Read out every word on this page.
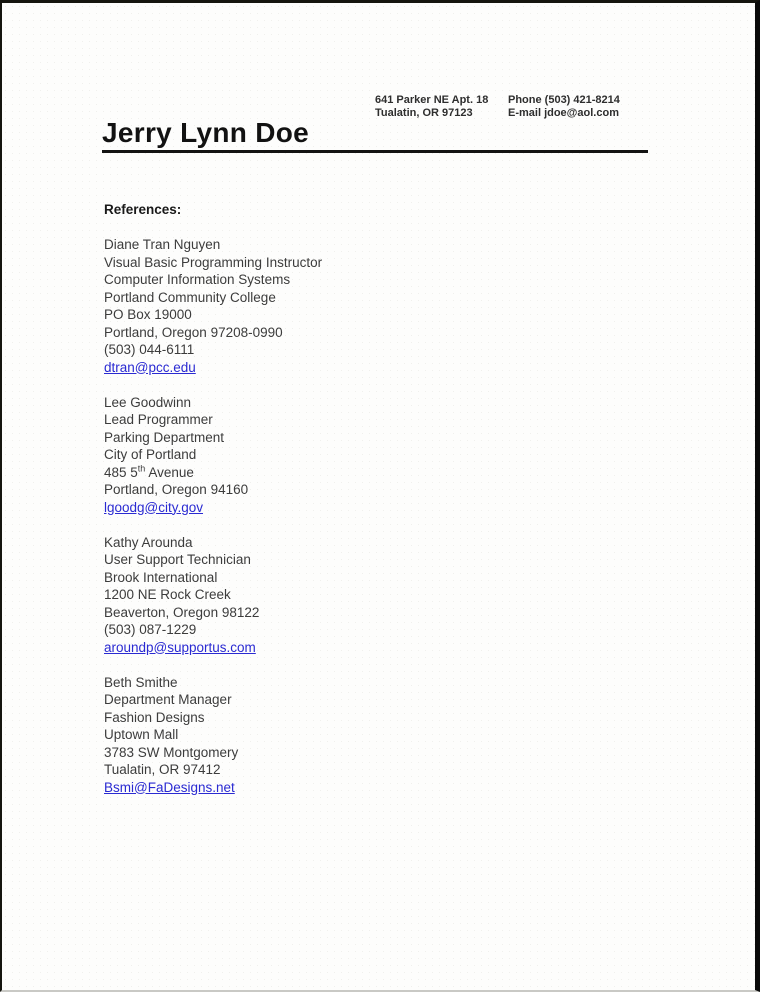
641 Parker NE Apt. 18
Tualatin, OR 97123
Phone (503) 421-8214
E-mail jdoe@aol.com
Jerry Lynn Doe
References:
Diane Tran Nguyen
Visual Basic Programming Instructor
Computer Information Systems
Portland Community College
PO Box 19000
Portland, Oregon 97208-0990
(503) 044-6111
dtran@pcc.edu
Lee Goodwinn
Lead Programmer
Parking Department
City of Portland
485 5th Avenue
Portland, Oregon 94160
lgoodg@city.gov
Kathy Arounda
User Support Technician
Brook International
1200 NE Rock Creek
Beaverton, Oregon 98122
(503) 087-1229
aroundp@supportus.com
Beth Smithe
Department Manager
Fashion Designs
Uptown Mall
3783 SW Montgomery
Tualatin, OR 97412
Bsmi@FaDesigns.net
